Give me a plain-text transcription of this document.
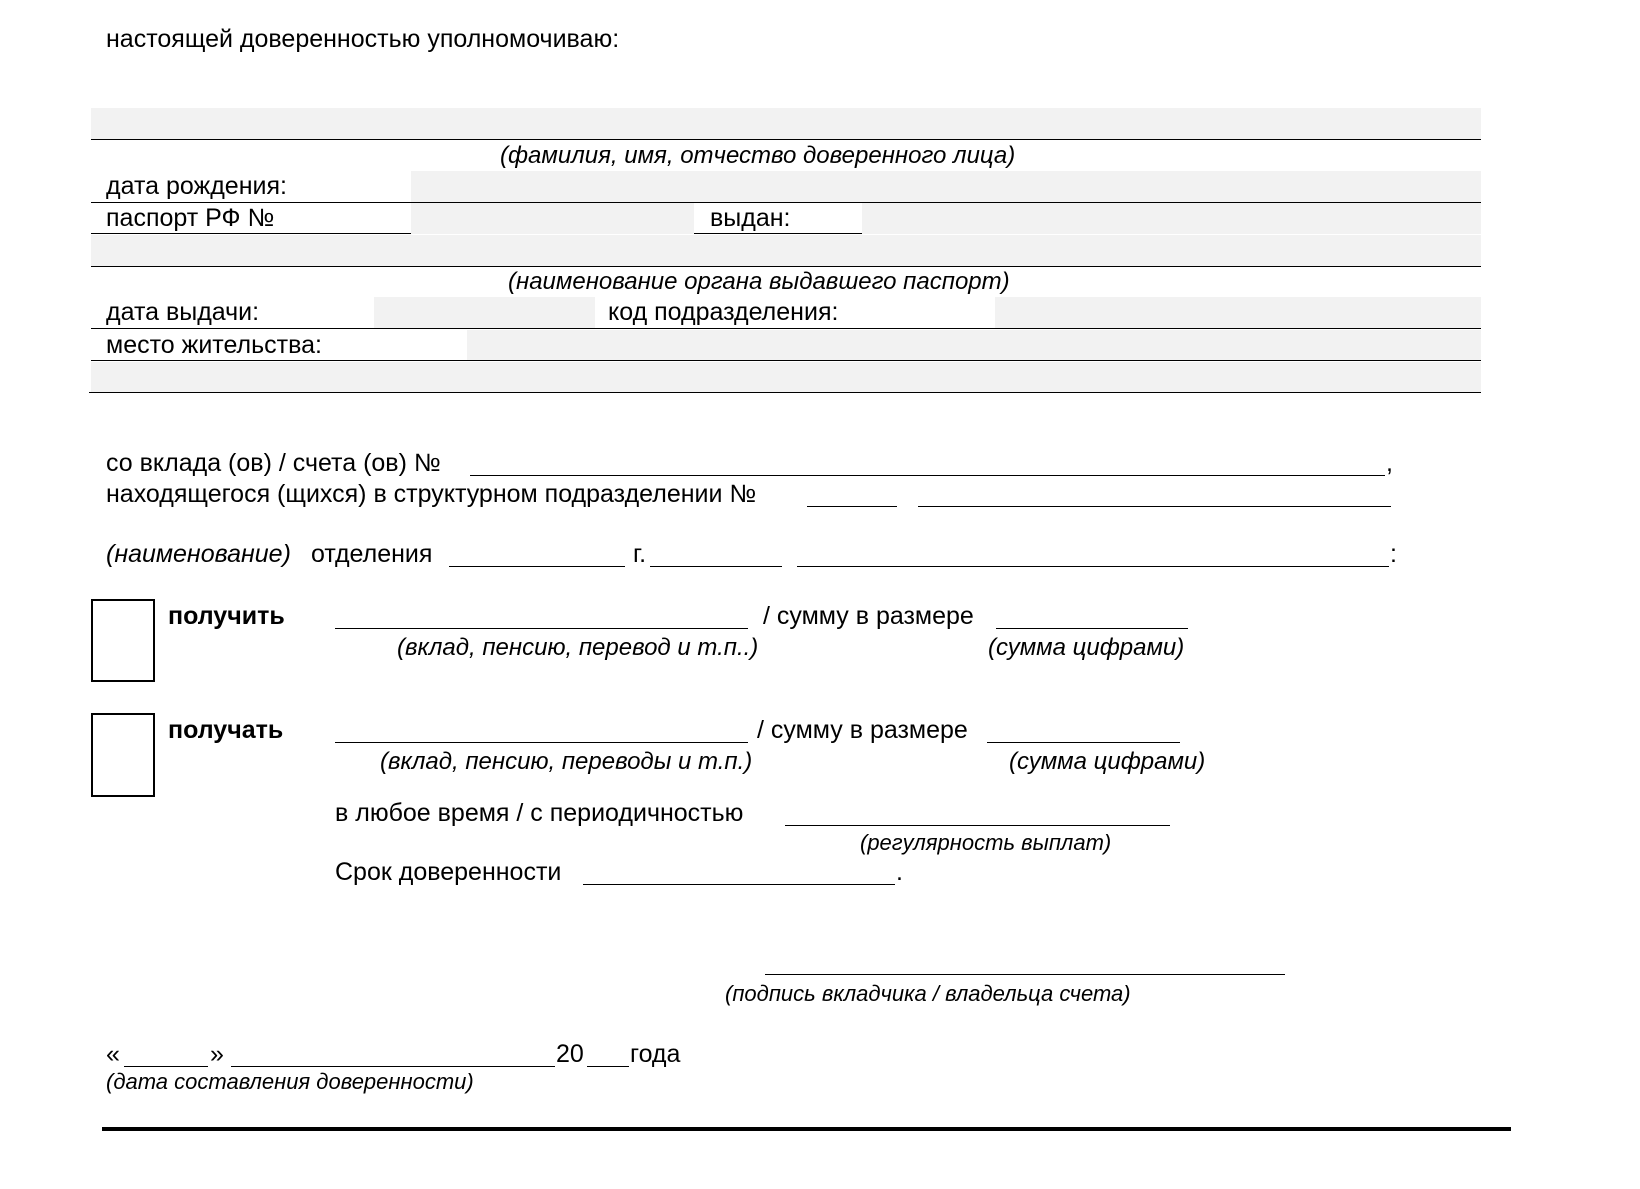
настоящей доверенностью уполномочиваю:
(фамилия, имя, отчество доверенного лица)
дата рождения:
паспорт РФ №	выдан:
(наименование органа выдавшего паспорт)
дата выдачи:	код подразделения:
место жительства:
со вклада (ов) / счета (ов) №	,
находящегося (щихся) в структурном подразделении №
(наименование) отделения	г.	:
получить	/ сумму в размере
(вклад, пенсию, перевод и т.п..)	(сумма цифрами)
получать	/ сумму в размере
(вклад, пенсию, переводы и т.п.)	(сумма цифрами)
в любое время / с периодичностью
(регулярность выплат)
Срок доверенности	.
(подпись вкладчика / владельца счета)
«	»	20 года
(дата составления доверенности)
